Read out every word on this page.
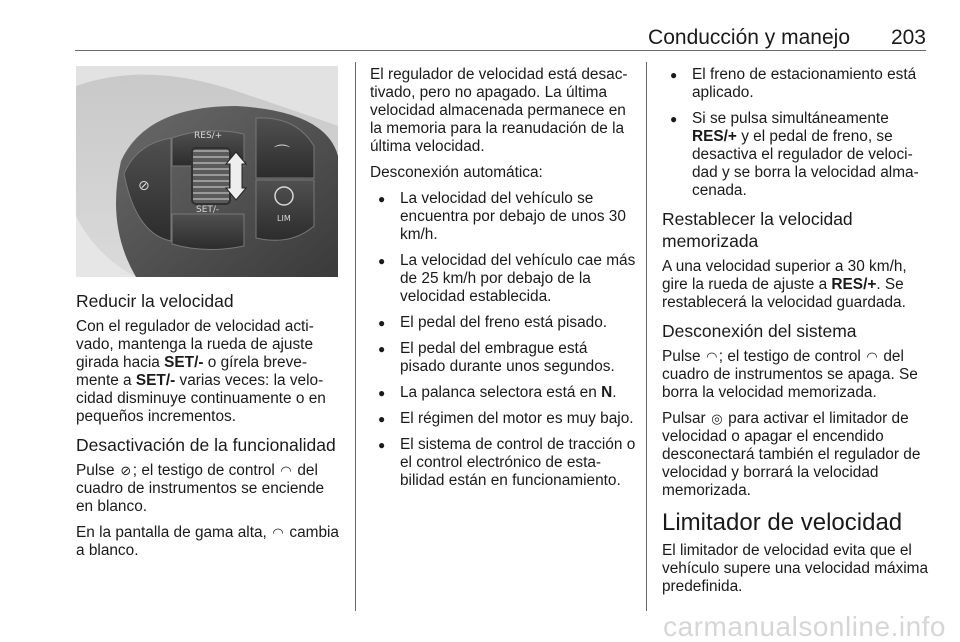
Conducción y manejo 203
⊘
RES/+
SET/-
⌒
LIM
Reducir la velocidad

Con el regulador de velocidad acti- vado, mantenga la rueda de ajuste girada hacia SET/- o gírela breve- mente a SET/- varias veces: la velo- cidad disminuye continuamente o en pequeños incrementos.

Desactivación de la funcionalidad

Pulse ⊘ ; el testigo de control ◠ del cuadro de instrumentos se enciende en blanco.

En la pantalla de gama alta, ◠ cambia a blanco.

El regulador de velocidad está desac- tivado, pero no apagado. La última velocidad almacenada permanece en la memoria para la reanudación de la última velocidad.

Desconexión automática:

● La velocidad del vehículo se encuentra por debajo de unos 30 km/h.
● La velocidad del vehículo cae más de 25 km/h por debajo de la velocidad establecida.
● El pedal del freno está pisado.
● El pedal del embrague está pisado durante unos segundos.
● La palanca selectora está en N.
● El régimen del motor es muy bajo.
● El sistema de control de tracción o el control electrónico de esta- bilidad están en funcionamiento.
● El freno de estacionamiento está aplicado.
● Si se pulsa simultáneamente RES/+ y el pedal de freno, se desactiva el regulador de veloci- dad y se borra la velocidad alma- cenada.
Restablecer la velocidad memorizada

A una velocidad superior a 30 km/h, gire la rueda de ajuste a RES/+. Se restablecerá la velocidad guardada.

Desconexión del sistema

Pulse ◠; el testigo de control ◠ del cuadro de instrumentos se apaga. Se borra la velocidad memorizada.

Pulsar ◎ para activar el limitador de velocidad o apagar el encendido desconectará también el regulador de velocidad y borrará la velocidad memorizada.

Limitador de velocidad

El limitador de velocidad evita que el vehículo supere una velocidad máxima predefinida.

carmanualsonline.info
